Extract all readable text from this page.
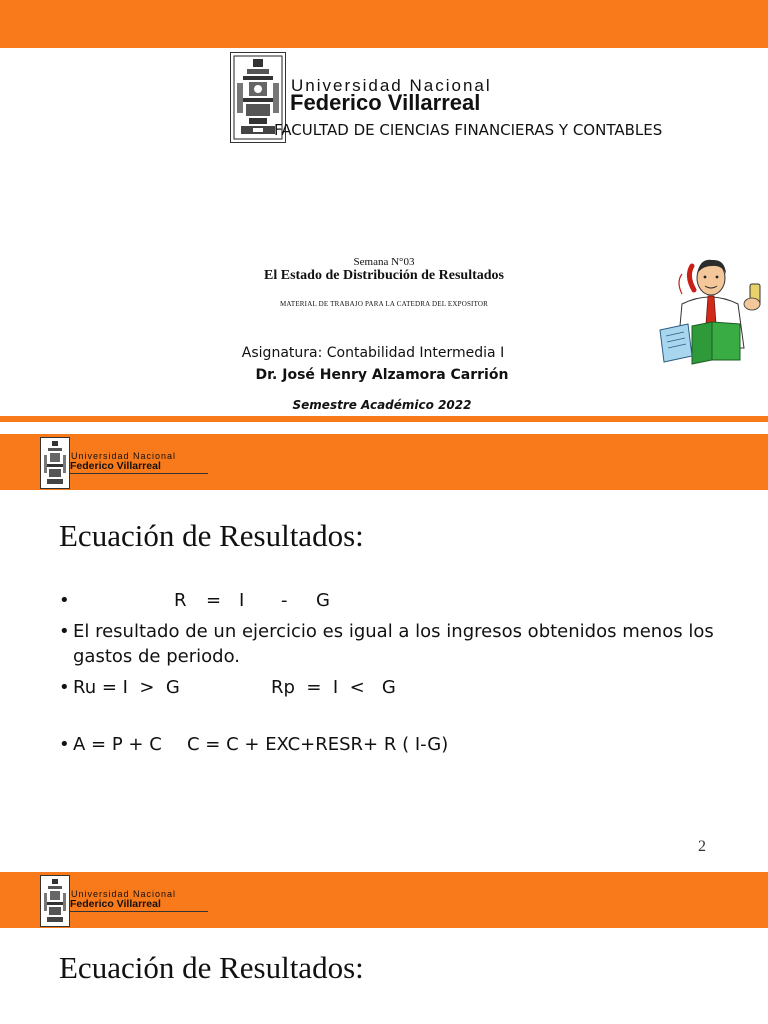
Universidad Nacional
Federico Villarreal
FACULTAD DE CIENCIAS FINANCIERAS Y CONTABLES
Semana N°03
El Estado de Distribución de Resultados
MATERIAL DE TRABAJO PARA LA CATEDRA DEL EXPOSITOR
Asignatura: Contabilidad Intermedia I
Dr. José Henry Alzamora Carrión
Semestre Académico 2022
Universidad Nacional
Federico Villarreal
Ecuación de Resultados:
• R	= I	-	G
• El resultado de un ejercicio es igual a los ingresos obtenidos menos los gastos de periodo.
• Ru = I  >  G	Rp  =  I  <   G
• A = P + C C = C + EXC+RESR+ R ( I-G)
2
Universidad Nacional
Federico Villarreal
Ecuación de Resultados:
